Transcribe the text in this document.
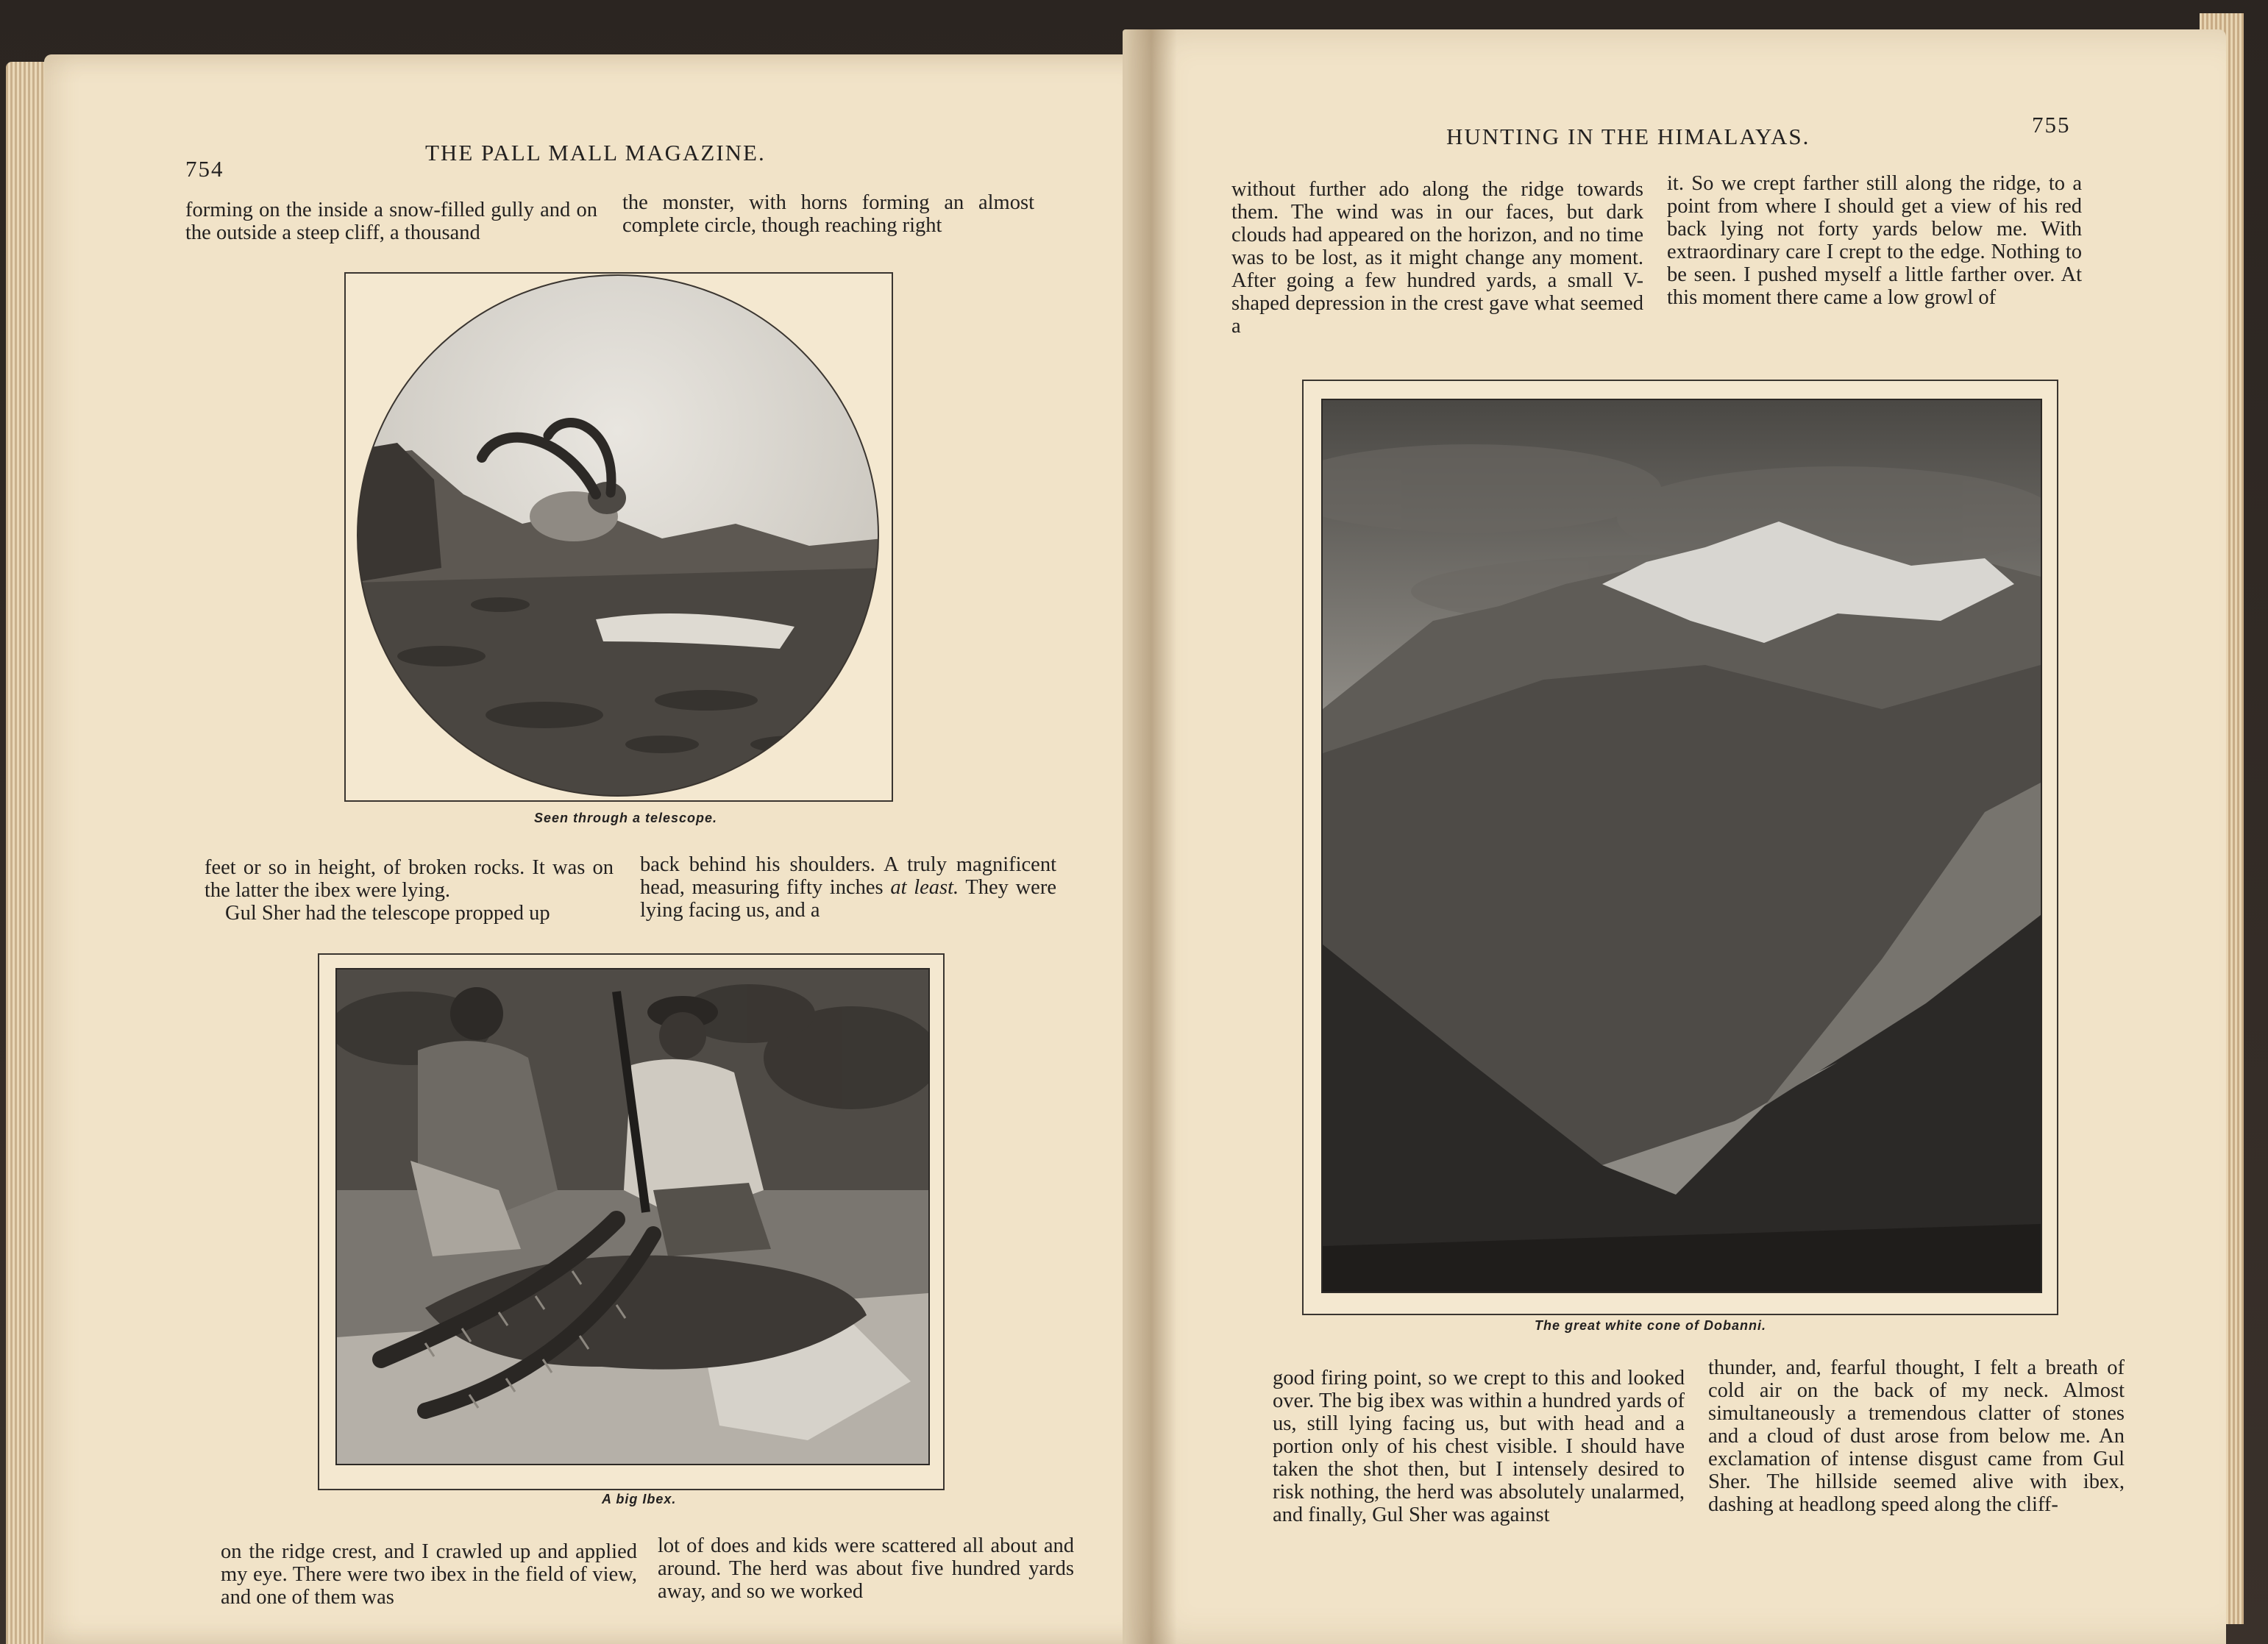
754
THE PALL MALL MAGAZINE.

forming on the inside a snow-filled gully and on the outside a steep cliff, a thousand

the monster, with horns forming an almost complete circle, though reaching right

Seen through a telescope.

feet or so in height, of broken rocks. It was on the latter the ibex were lying.

Gul Sher had the telescope propped up

back behind his shoulders. A truly magnificent head, measuring fifty inches at least. They were lying facing us, and a

A big Ibex.

on the ridge crest, and I crawled up and applied my eye. There were two ibex in the field of view, and one of them was

lot of does and kids were scattered all about and around. The herd was about five hundred yards away, and so we worked

HUNTING IN THE HIMALAYAS.	755

without further ado along the ridge towards them. The wind was in our faces, but dark clouds had appeared on the horizon, and no time was to be lost, as it might change any moment. After going a few hundred yards, a small V-shaped depression in the crest gave what seemed a

it. So we crept farther still along the ridge, to a point from where I should get a view of his red back lying not forty yards below me. With extraordinary care I crept to the edge. Nothing to be seen. I pushed myself a little farther over. At this moment there came a low growl of

The great white cone of Dobanni.

good firing point, so we crept to this and looked over. The big ibex was within a hundred yards of us, still lying facing us, but with head and a portion only of his chest visible. I should have taken the shot then, but I intensely desired to risk nothing, the herd was absolutely unalarmed, and finally, Gul Sher was against

thunder, and, fearful thought, I felt a breath of cold air on the back of my neck. Almost simultaneously a tremendous clatter of stones and a cloud of dust arose from below me. An exclamation of intense disgust came from Gul Sher. The hillside seemed alive with ibex, dashing at headlong speed along the cliff-
